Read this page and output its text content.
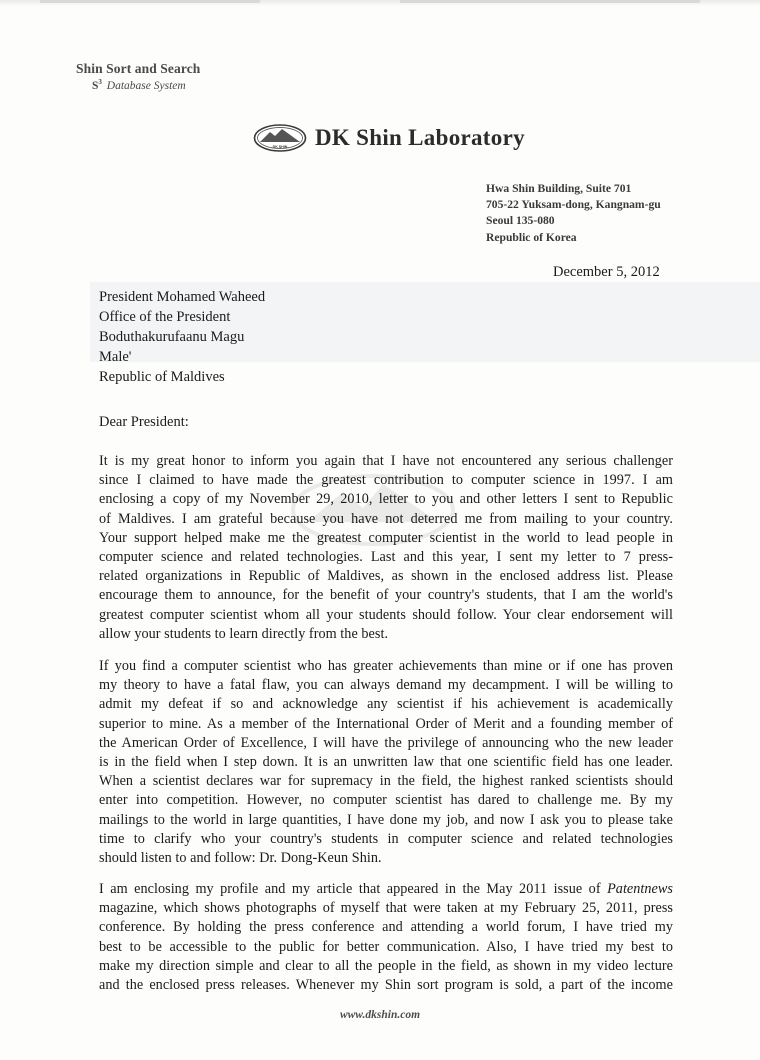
Shin Sort and Search
$S^3$ Database System
DK SHIN DK Shin Laboratory
Hwa Shin Building, Suite 701
705-22 Yuksam-dong, Kangnam-gu
Seoul 135-080
Republic of Korea
December 5, 2012
President Mohamed Waheed
Office of the President
Boduthakurufaanu Magu
Male'
Republic of Maldives
Dear President:
It is my great honor to inform you again that I have not encountered any serious challenger
since I claimed to have made the greatest contribution to computer science in 1997. I am
enclosing a copy of my November 29, 2010, letter to you and other letters I sent to Republic
of Maldives. I am grateful because you have not deterred me from mailing to your country.
Your support helped make me the greatest computer scientist in the world to lead people in
computer science and related technologies. Last and this year, I sent my letter to 7 press-
related organizations in Republic of Maldives, as shown in the enclosed address list. Please
encourage them to announce, for the benefit of your country's students, that I am the world's
greatest computer scientist whom all your students should follow. Your clear endorsement will
allow your students to learn directly from the best.
If you find a computer scientist who has greater achievements than mine or if one has proven
my theory to have a fatal flaw, you can always demand my decampment. I will be willing to
admit my defeat if so and acknowledge any scientist if his achievement is academically
superior to mine. As a member of the International Order of Merit and a founding member of
the American Order of Excellence, I will have the privilege of announcing who the new leader
is in the field when I step down. It is an unwritten law that one scientific field has one leader.
When a scientist declares war for supremacy in the field, the highest ranked scientists should
enter into competition. However, no computer scientist has dared to challenge me. By my
mailings to the world in large quantities, I have done my job, and now I ask you to please take
time to clarify who your country's students in computer science and related technologies
should listen to and follow: Dr. Dong-Keun Shin.
I am enclosing my profile and my article that appeared in the May 2011 issue of Patentnews
magazine, which shows photographs of myself that were taken at my February 25, 2011, press
conference. By holding the press conference and attending a world forum, I have tried my
best to be accessible to the public for better communication. Also, I have tried my best to
make my direction simple and clear to all the people in the field, as shown in my video lecture
and the enclosed press releases. Whenever my Shin sort program is sold, a part of the income
www.dkshin.com
